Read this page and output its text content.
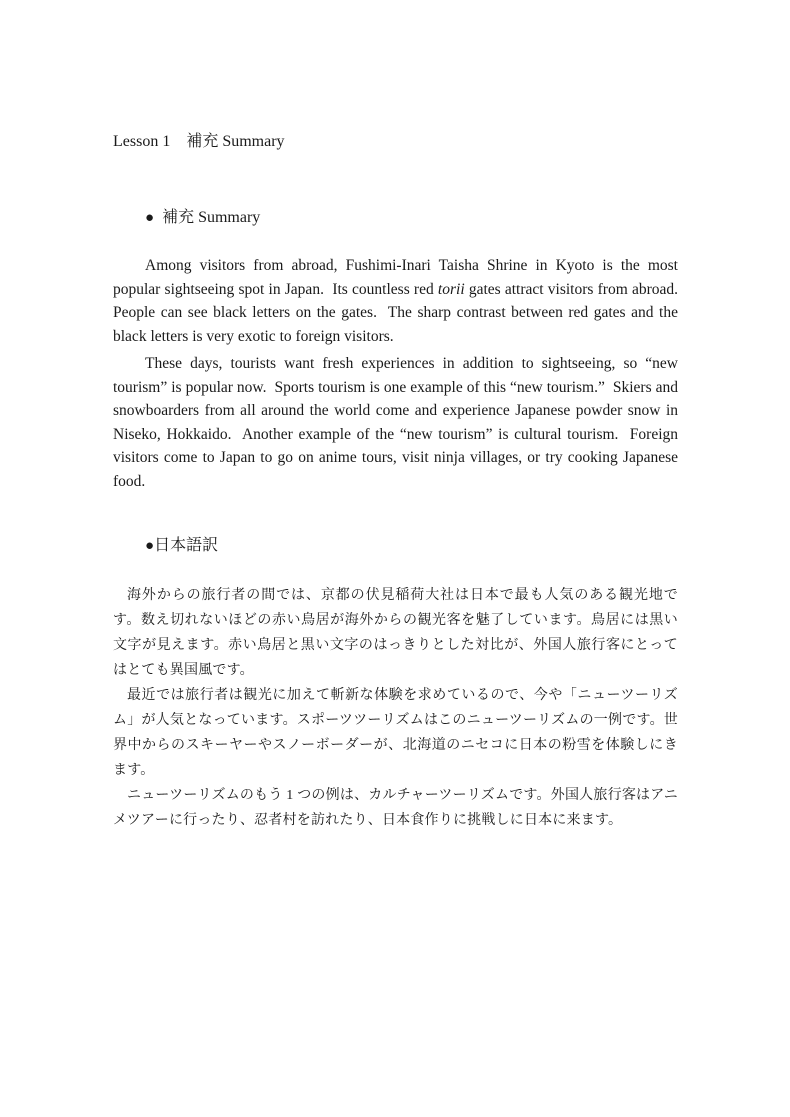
Lesson 1　補充 Summary

● 補充 Summary

Among visitors from abroad, Fushimi-Inari Taisha Shrine in Kyoto is the most popular sightseeing spot in Japan.  Its countless red torii gates attract visitors from abroad.  People can see black letters on the gates.  The sharp contrast between red gates and the black letters is very exotic to foreign visitors.

These days, tourists want fresh experiences in addition to sightseeing, so “new tourism” is popular now.  Sports tourism is one example of this “new tourism.”  Skiers and snowboarders from all around the world come and experience Japanese powder snow in Niseko, Hokkaido.  Another example of the “new tourism” is cultural tourism.  Foreign visitors come to Japan to go on anime tours, visit ninja villages, or try cooking Japanese food.

●日本語訳

海外からの旅行者の間では、京都の伏見稲荷大社は日本で最も人気のある観光地です。数え切れないほどの赤い鳥居が海外からの観光客を魅了しています。鳥居には黒い文字が見えます。赤い鳥居と黒い文字のはっきりとした対比が、外国人旅行客にとってはとても異国風です。

最近では旅行者は観光に加えて斬新な体験を求めているので、今や「ニューツーリズム」が人気となっています。スポーツツーリズムはこのニューツーリズムの一例です。世界中からのスキーヤーやスノーボーダーが、北海道のニセコに日本の粉雪を体験しにきます。

ニューツーリズムのもう 1 つの例は、カルチャーツーリズムです。外国人旅行客はアニメツアーに行ったり、忍者村を訪れたり、日本食作りに挑戦しに日本に来ます。
